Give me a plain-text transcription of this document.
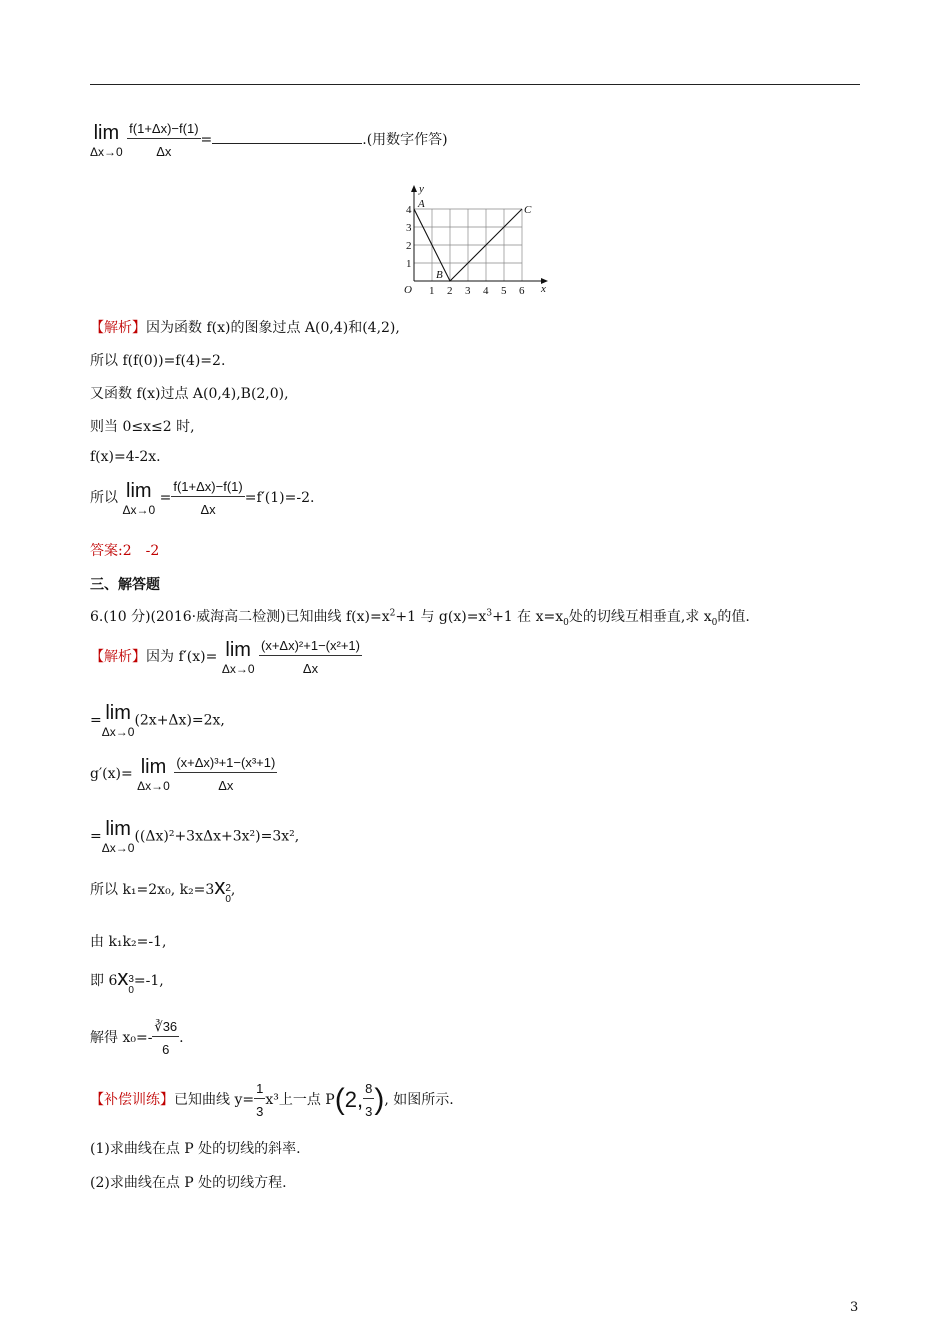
lim
Δx→0
$\frac{f(1+\Delta x)-f(1)}{\Delta x}$ =	.(用数字作答)
y
x
O
A
B
C
1
2
3
4
1 2 3 4 5 6
【解析】因为函数 f(x)的图象过点 A(0,4)和(4,2),
所以 f(f(0))=f(4)=2.
又函数 f(x)过点 A(0,4),B(2,0),
则当 0≤x≤2 时,
f(x)=4-2x.
所以 lim
Δx→0
= $\frac{f(1+\Delta x)-f(1)}{\Delta x} =f'(1)=-2$.
答案:2　-2
三、解答题
6.(10 分)(2016·威海高二检测)已知曲线 $f(x)=x^2+1$ 与 $g(x)=x^3+1$ 在 $x=x_0$处的切线互相垂直,求 $x_0$的值.
【解析】因为 f′(x)= lim
Δx→0
$\frac{\text{(x+Δx)²+1−(x²+1)}}{\Delta x}$
= lim
Δx→0
(2x+Δx)=2x,
g′(x)= lim
Δx→0
$\frac{\text{(x+Δx)³+1−(x³+1)}}{\Delta x}$
= lim
Δx→0
((Δx)²+3xΔx+3x²)=3x²,
所以 k₁=2x₀, k₂=3x2
0,
由 k₁k₂=-1,
即 6x3
0=-1,
解得 $x_0=- \frac{∛36}{6}$ .
【补偿训练】已知曲线 $y= \frac{1}{3} x^3$上一点 P(2, $\frac{8}{3}$ ), 如图所示.
(1)求曲线在点 P 处的切线的斜率.
(2)求曲线在点 P 处的切线方程.
3
